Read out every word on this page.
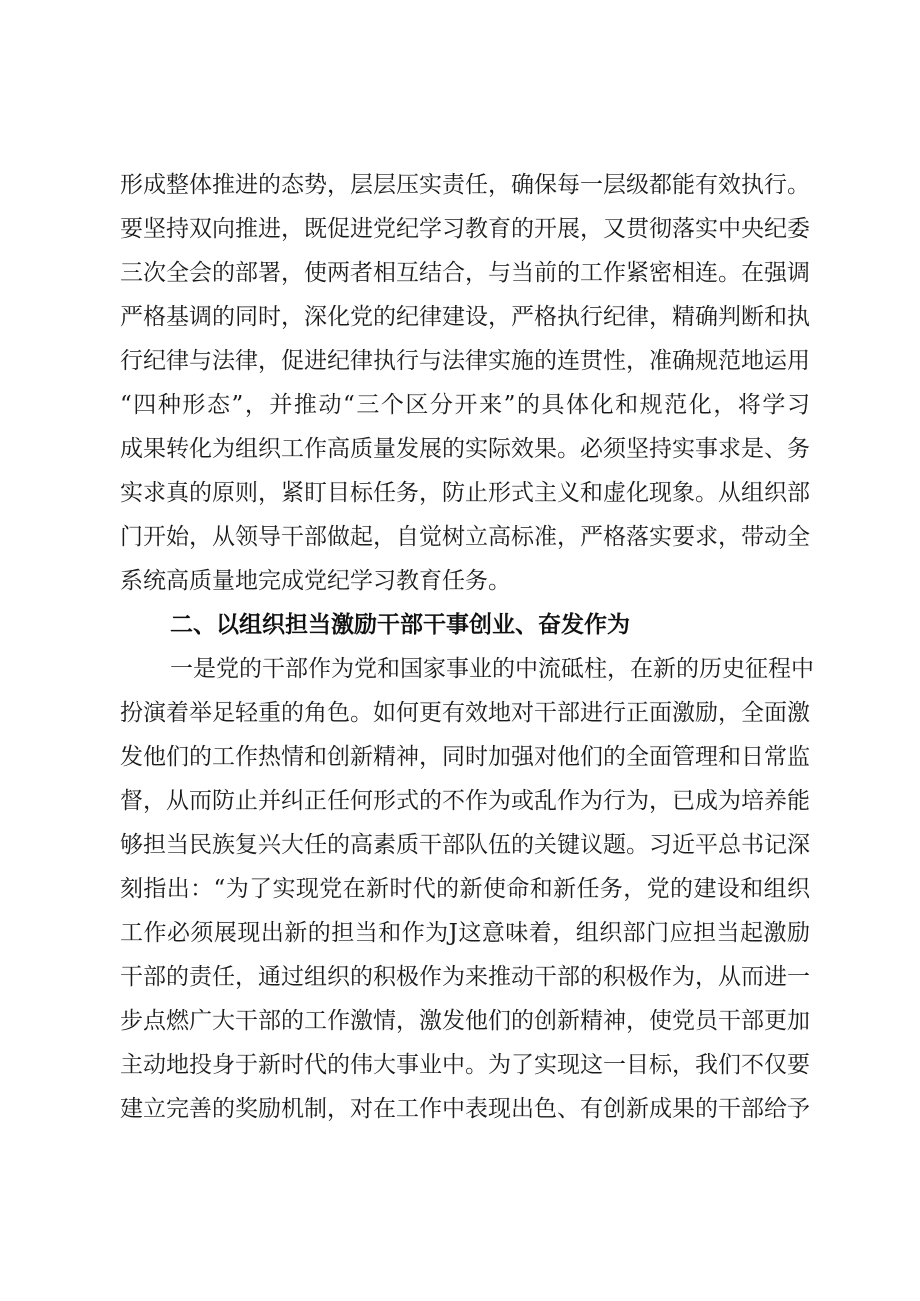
形成整体推进的态势，层层压实责任，确保每一层级都能有效执行。
要坚持双向推进，既促进党纪学习教育的开展，又贯彻落实中央纪委
三次全会的部署，使两者相互结合，与当前的工作紧密相连。在强调
严格基调的同时，深化党的纪律建设，严格执行纪律，精确判断和执
行纪律与法律，促进纪律执行与法律实施的连贯性，准确规范地运用
“四种形态”，并推动“三个区分开来”的具体化和规范化，将学习
成果转化为组织工作高质量发展的实际效果。必须坚持实事求是、务
实求真的原则，紧盯目标任务，防止形式主义和虚化现象。从组织部
门开始，从领导干部做起，自觉树立高标准，严格落实要求，带动全
系统高质量地完成党纪学习教育任务。
二、以组织担当激励干部干事创业、奋发作为
一是党的干部作为党和国家事业的中流砥柱，在新的历史征程中
扮演着举足轻重的角色。如何更有效地对干部进行正面激励，全面激
发他们的工作热情和创新精神，同时加强对他们的全面管理和日常监
督，从而防止并纠正任何形式的不作为或乱作为行为，已成为培养能
够担当民族复兴大任的高素质干部队伍的关键议题。习近平总书记深
刻指出：“为了实现党在新时代的新使命和新任务，党的建设和组织
工作必须展现出新的担当和作为J这意味着，组织部门应担当起激励
干部的责任，通过组织的积极作为来推动干部的积极作为，从而进一
步点燃广大干部的工作激情，激发他们的创新精神，使党员干部更加
主动地投身于新时代的伟大事业中。为了实现这一目标，我们不仅要
建立完善的奖励机制，对在工作中表现出色、有创新成果的干部给予
